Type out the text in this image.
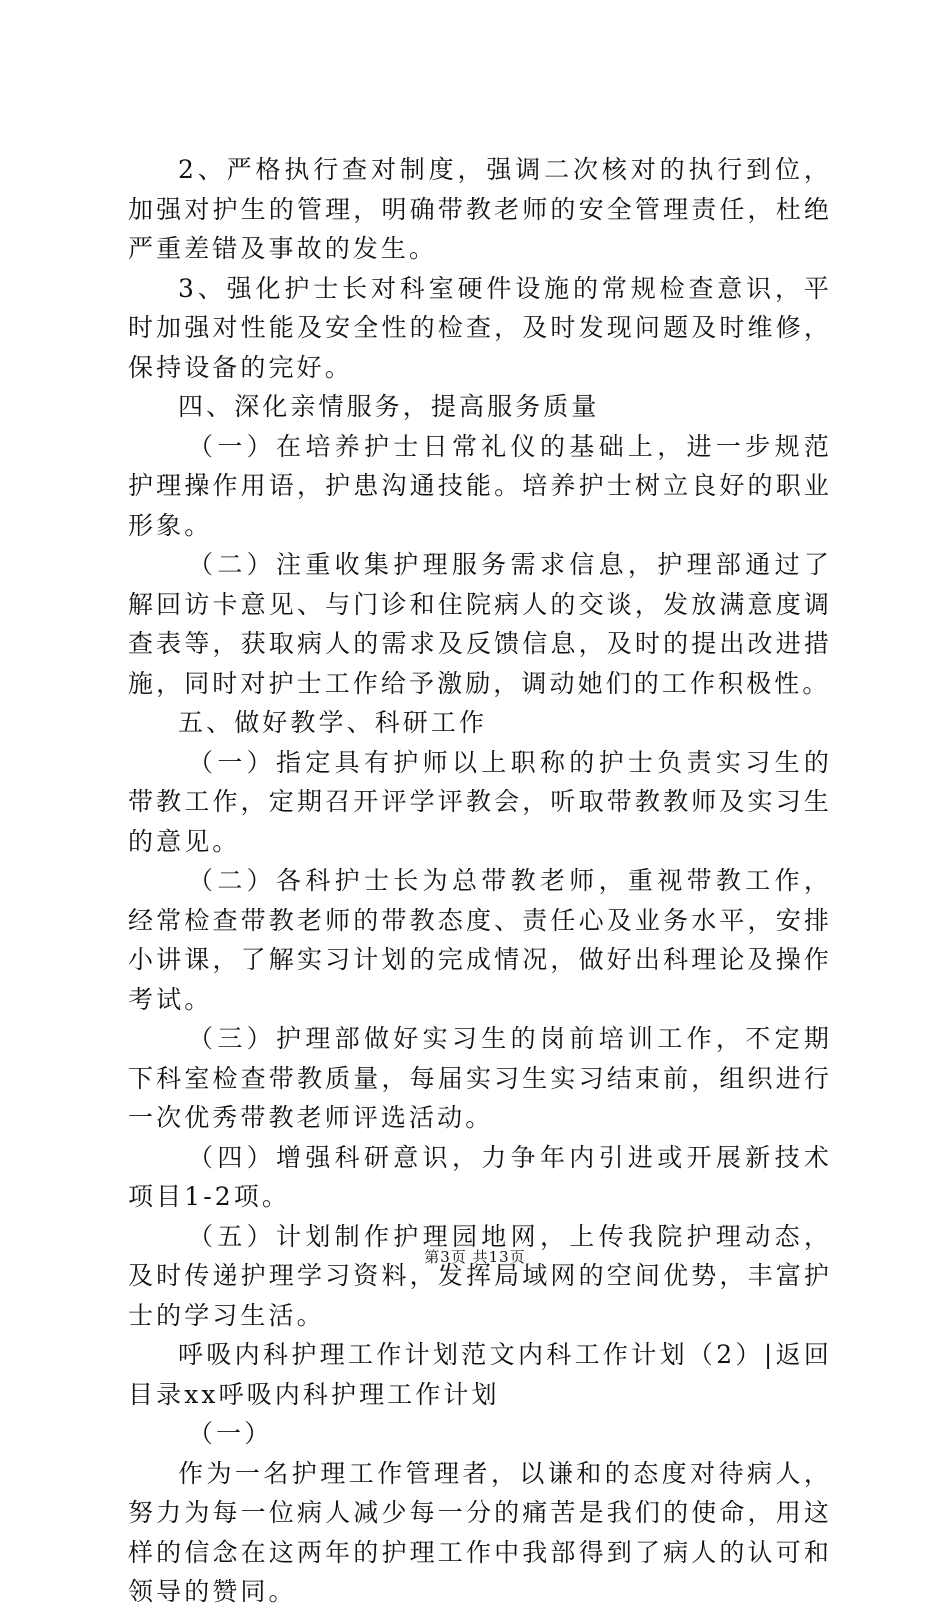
2、严格执行查对制度，强调二次核对的执行到位，加强对护生的管理，明确带教老师的安全管理责任，杜绝严重差错及事故的发生。

3、强化护士长对科室硬件设施的常规检查意识，平时加强对性能及安全性的检查，及时发现问题及时维修，保持设备的完好。

四、深化亲情服务，提高服务质量

（一）在培养护士日常礼仪的基础上，进一步规范护理操作用语，护患沟通技能。培养护士树立良好的职业形象。

（二）注重收集护理服务需求信息，护理部通过了解回访卡意见、与门诊和住院病人的交谈，发放满意度调查表等，获取病人的需求及反馈信息，及时的提出改进措施，同时对护士工作给予激励，调动她们的工作积极性。

五、做好教学、科研工作

（一）指定具有护师以上职称的护士负责实习生的带教工作，定期召开评学评教会，听取带教教师及实习生的意见。

（二）各科护士长为总带教老师，重视带教工作，经常检查带教老师的带教态度、责任心及业务水平，安排小讲课，了解实习计划的完成情况，做好出科理论及操作考试。

（三）护理部做好实习生的岗前培训工作，不定期下科室检查带教质量，每届实习生实习结束前，组织进行一次优秀带教老师评选活动。

（四）增强科研意识，力争年内引进或开展新技术项目1-2项。

（五）计划制作护理园地网，上传我院护理动态，及时传递护理学习资料，发挥局域网的空间优势，丰富护士的学习生活。

呼吸内科护理工作计划范文内科工作计划（2）|返回目录xx呼吸内科护理工作计划

（一）

作为一名护理工作管理者，以谦和的态度对待病人，努力为每一位病人减少每一分的痛苦是我们的使命，用这样的信念在这两年的护理工作中我部得到了病人的认可和领导的赞同。

第3页 共13页
